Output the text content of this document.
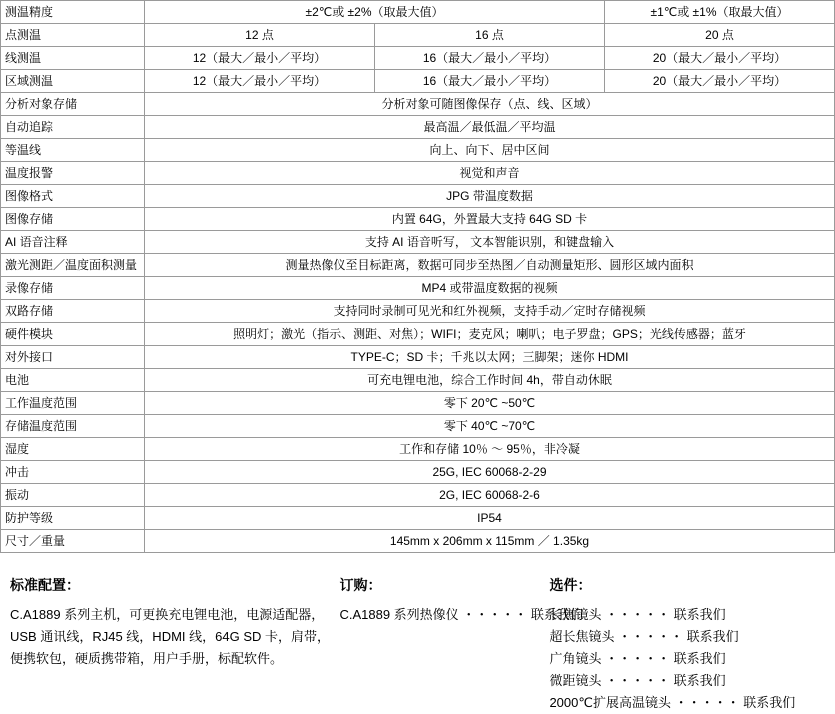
测温精度	±2℃或 ±2%（取最大值）		±1℃或 ±1%（取最大值）
点测温	12 点	16 点	20 点
线测温	12（最大／最小／平均）	16（最大／最小／平均）	20（最大／最小／平均）
区域测温	12（最大／最小／平均）	16（最大／最小／平均）	20（最大／最小／平均）
分析对象存储	分析对象可随图像保存（点、线、区域）		
自动追踪	最高温／最低温／平均温		
等温线	向上、向下、居中区间		
温度报警	视觉和声音		
图像格式	JPG 带温度数据		
图像存储	内置 64G，外置最大支持 64G SD 卡		
AI 语音注释	支持 AI 语音听写， 文本智能识别，和键盘输入		
激光测距／温度面积测量	测量热像仪至目标距离，数据可同步至热图／自动测量矩形、圆形区域内面积		
录像存储	MP4 或带温度数据的视频		
双路存储	支持同时录制可见光和红外视频，支持手动／定时存储视频		
硬件模块	照明灯；激光（指示、测距、对焦）；WIFI；麦克风；喇叭；电子罗盘；GPS；光线传感器；蓝牙		
对外接口	TYPE-C；SD 卡；千兆以太网；三脚架；迷你 HDMI		
电池	可充电锂电池，综合工作时间 4h，带自动休眠		
工作温度范围	零下 20℃ ~50℃		
存储温度范围	零下 40℃ ~70℃		
湿度	工作和存储 10％ ～ 95％，非冷凝		
冲击	25G, IEC 60068-2-29		
振动	2G, IEC 60068-2-6		
防护等级	IP54		
尺寸／重量	145mm x 206mm x 115mm ／ 1.35kg		
标准配置：
C.A1889 系列主机，可更换充电锂电池，电源适配器，USB 通讯线，RJ45 线，HDMI 线，64G SD 卡，肩带，便携软包，硬质携带箱，用户手册，标配软件。
订购：
C.A1889 系列热像仪 ・・・・・ 联系我们
选件：
长焦镜头 ・・・・・ 联系我们
超长焦镜头 ・・・・・ 联系我们
广角镜头 ・・・・・ 联系我们
微距镜头 ・・・・・ 联系我们
2000℃扩展高温镜头 ・・・・・ 联系我们
